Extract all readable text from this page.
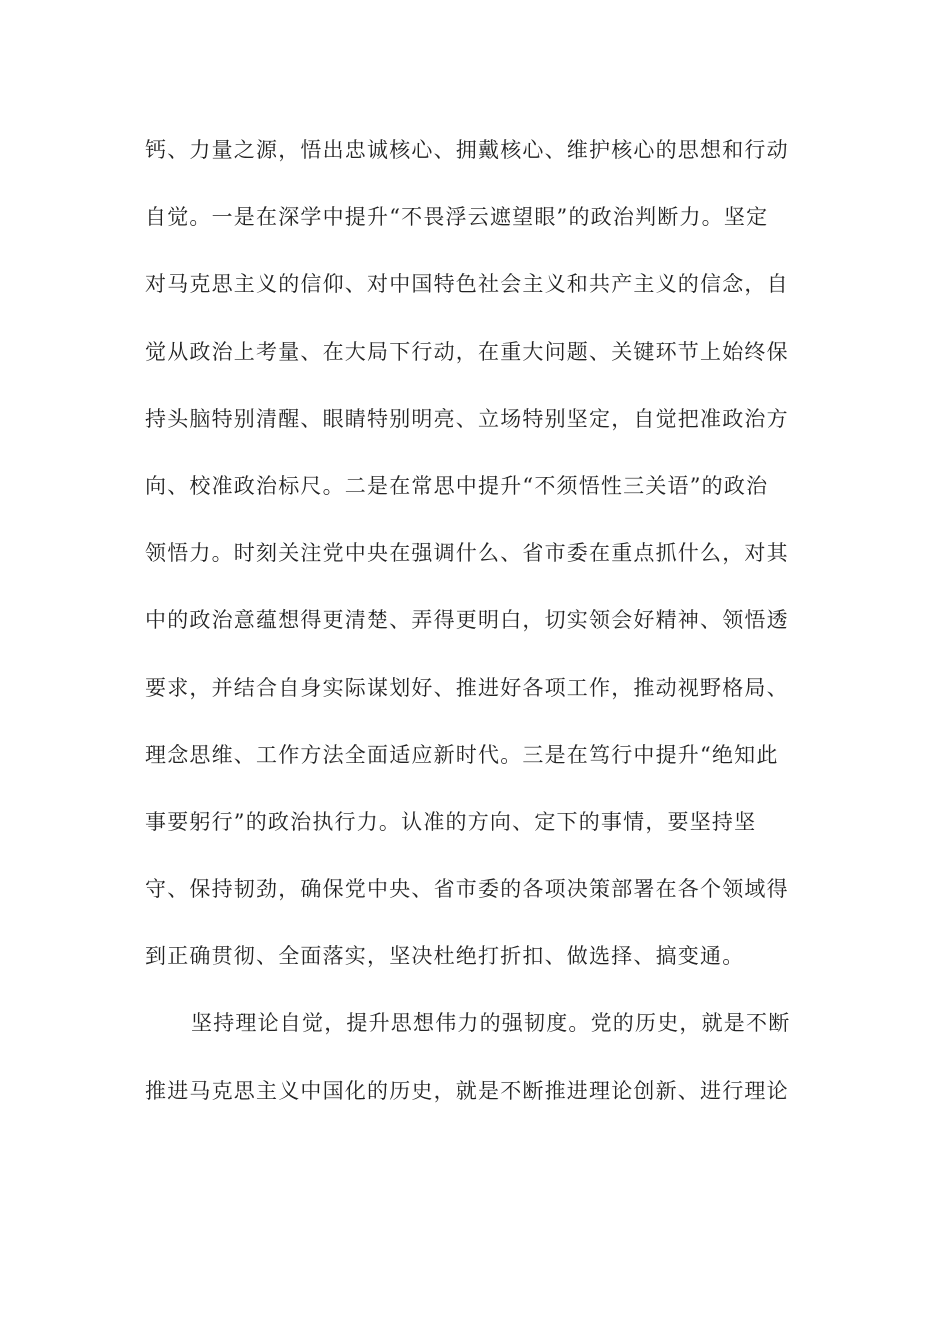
钙、力量之源，悟出忠诚核心、拥戴核心、维护核心的思想和行动
自觉。一是在深学中提升“不畏浮云遮望眼”的政治判断力。坚定
对马克思主义的信仰、对中国特色社会主义和共产主义的信念，自
觉从政治上考量、在大局下行动，在重大问题、关键环节上始终保
持头脑特别清醒、眼睛特别明亮、立场特别坚定，自觉把准政治方
向、校准政治标尺。二是在常思中提升“不须悟性三关语”的政治
领悟力。时刻关注党中央在强调什么、省市委在重点抓什么，对其
中的政治意蕴想得更清楚、弄得更明白，切实领会好精神、领悟透
要求，并结合自身实际谋划好、推进好各项工作，推动视野格局、
理念思维、工作方法全面适应新时代。三是在笃行中提升“绝知此
事要躬行”的政治执行力。认准的方向、定下的事情，要坚持坚
守、保持韧劲，确保党中央、省市委的各项决策部署在各个领域得
到正确贯彻、全面落实，坚决杜绝打折扣、做选择、搞变通。
坚持理论自觉，提升思想伟力的强韧度。党的历史，就是不断
推进马克思主义中国化的历史，就是不断推进理论创新、进行理论
